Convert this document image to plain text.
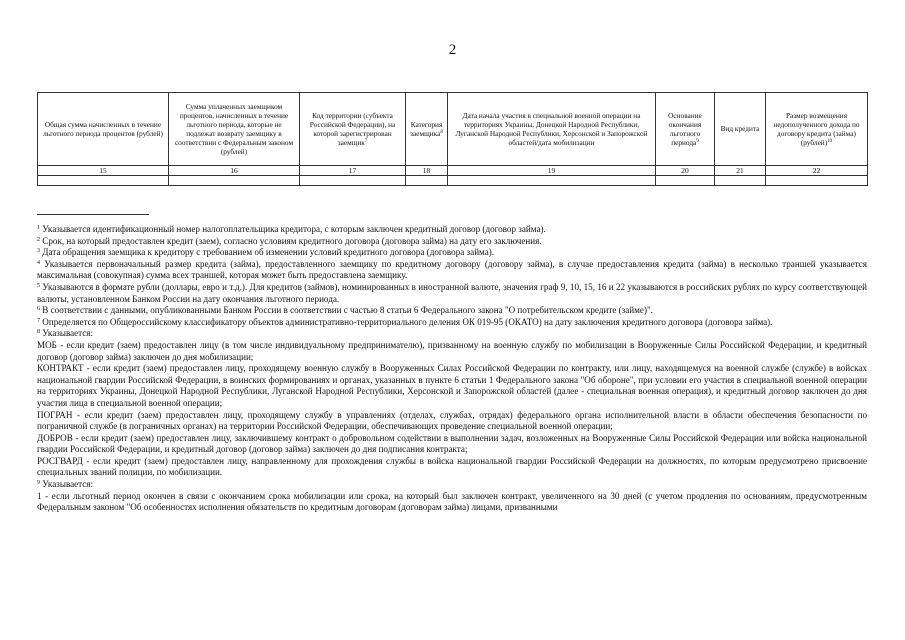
2
Общая сумма начисленных в течение льготного периода процентов (рублей)	Сумма уплаченных заемщиком процентов, начисленных в течение льготного периода, которые не подлежат возврату заемщику в соответствии с Федеральным законом (рублей)	Код территории (субъекта Российской Федерации), на которой зарегистрирован заемщик$^7$	Категория заемщика$^8$	Дата начала участия в специальной военной операции на территориях Украины, Донецкой Народной Республики, Луганской Народной Республики, Херсонской и Запорожской областей/дата мобилизации	Основание окончания льготного периода$^9$	Вид кредита	Размер возмещения недополученного дохода по договору кредита (займа) (рублей)$^{10}$
15	16	17	18	19	20	21	22

$^1$ Указывается идентификационный номер налогоплательщика кредитора, с которым заключен кредитный договор (договор займа).

$^2$ Срок, на который предоставлен кредит (заем), согласно условиям кредитного договора (договора займа) на дату его заключения.

$^3$ Дата обращения заемщика к кредитору с требованием об изменении условий кредитного договора (договора займа).

$^4$ Указывается первоначальный размер кредита (займа), предоставленного заемщику по кредитному договору (договору займа), в случае предоставления кредита (займа) в несколько траншей указывается максимальная (совокупная) сумма всех траншей, которая может быть предоставлена заемщику.

$^5$ Указываются в формате рубли (доллары, евро и т.д.). Для кредитов (займов), номинированных в иностранной валюте, значения граф 9, 10, 15, 16 и 22 указываются в российских рублях по курсу соответствующей валюты, установленном Банком России на дату окончания льготного периода.

$^6$ В соответствии с данными, опубликованными Банком России в соответствии с частью 8 статьи 6 Федерального закона "О потребительском кредите (займе)".

$^7$ Определяется по Общероссийскому классификатору объектов административно-территориального деления ОК 019-95 (ОКАТО) на дату заключения кредитного договора (договора займа).

$^8$ Указывается:

МОБ - если кредит (заем) предоставлен лицу (в том числе индивидуальному предпринимателю), призванному на военную службу по мобилизации в Вооруженные Силы Российской Федерации, и кредитный договор (договор займа) заключен до дня мобилизации;

КОНТРАКТ - если кредит (заем) предоставлен лицу, проходящему военную службу в Вооруженных Силах Российской Федерации по контракту, или лицу, находящемуся на военной службе (службе) в войсках национальной гвардии Российской Федерации, в воинских формированиях и органах, указанных в пункте 6 статьи 1 Федерального закона "Об обороне", при условии его участия в специальной военной операции на территориях Украины, Донецкой Народной Республики, Луганской Народной Республики, Херсонской и Запорожской областей (далее - специальная военная операция), и кредитный договор заключен до дня участия лица в специальной военной операции;

ПОГРАН - если кредит (заем) предоставлен лицу, проходящему службу в управлениях (отделах, службах, отрядах) федерального органа исполнительной власти в области обеспечения безопасности по пограничной службе (в пограничных органах) на территории Российской Федерации, обеспечивающих проведение специальной военной операции;

ДОБРОВ - если кредит (заем) предоставлен лицу, заключившему контракт о добровольном содействии в выполнении задач, возложенных на Вооруженные Силы Российской Федерации или войска национальной гвардии Российской Федерации, и кредитный договор (договор займа) заключен до дня подписания контракта;

РОСГВАРД - если кредит (заем) предоставлен лицу, направленному для прохождения службы в войска национальной гвардии Российской Федерации на должностях, по которым предусмотрено присвоение специальных званий полиции, по мобилизации.

$^9$ Указывается:

1 - если льготный период окончен в связи с окончанием срока мобилизации или срока, на который был заключен контракт, увеличенного на 30 дней (с учетом продления по основаниям, предусмотренным Федеральным законом "Об особенностях исполнения обязательств по кредитным договорам (договорам займа) лицами, призванными
